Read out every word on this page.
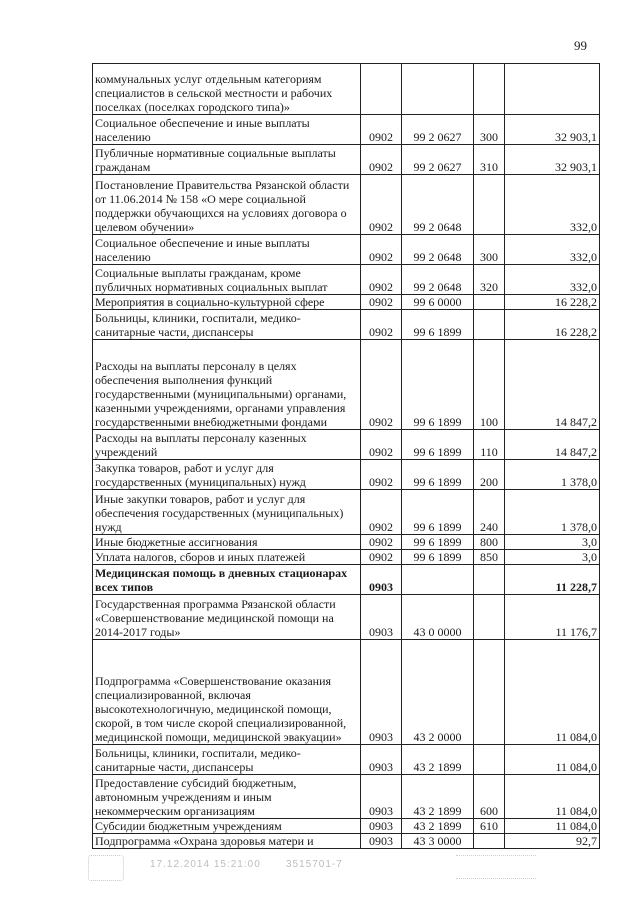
99
коммунальных услуг отдельным категориям специалистов в сельской местности и рабочих поселках (поселках городского типа)»				
Социальное обеспечение и иные выплаты населению	0902	99 2 0627	300	32 903,1
Публичные нормативные социальные выплаты гражданам	0902	99 2 0627	310	32 903,1
Постановление Правительства Рязанской области от 11.06.2014 № 158 «О мере социальной поддержки обучающихся на условиях договора о целевом обучении»	0902	99 2 0648		332,0
Социальное обеспечение и иные выплаты населению	0902	99 2 0648	300	332,0
Социальные выплаты гражданам, кроме публичных нормативных социальных выплат	0902	99 2 0648	320	332,0
Мероприятия в социально-культурной сфере	0902	99 6 0000		16 228,2
Больницы, клиники, госпитали, медико-санитарные части, диспансеры	0902	99 6 1899		16 228,2
Расходы на выплаты персоналу в целях обеспечения выполнения функций государственными (муниципальными) органами, казенными учреждениями, органами управления государственными внебюджетными фондами	0902	99 6 1899	100	14 847,2
Расходы на выплаты персоналу казенных учреждений	0902	99 6 1899	110	14 847,2
Закупка товаров, работ и услуг для государственных (муниципальных) нужд	0902	99 6 1899	200	1 378,0
Иные закупки товаров, работ и услуг для обеспечения государственных (муниципальных) нужд	0902	99 6 1899	240	1 378,0
Иные бюджетные ассигнования	0902	99 6 1899	800	3,0
Уплата налогов, сборов и иных платежей	0902	99 6 1899	850	3,0
Медицинская помощь в дневных стационарах всех типов	0903			11 228,7
Государственная программа Рязанской области «Совершенствование медицинской помощи на 2014-2017 годы»	0903	43 0 0000		11 176,7
Подпрограмма «Совершенствование оказания специализированной, включая высокотехнологичную, медицинской помощи, скорой, в том числе скорой специализированной, медицинской помощи, медицинской эвакуации»	0903	43 2 0000		11 084,0
Больницы, клиники, госпитали, медико-санитарные части, диспансеры	0903	43 2 1899		11 084,0
Предоставление субсидий бюджетным, автономным учреждениям и иным некоммерческим организациям	0903	43 2 1899	600	11 084,0
Субсидии бюджетным учреждениям	0903	43 2 1899	610	11 084,0
Подпрограмма «Охрана здоровья матери и	0903	43 3 0000		92,7
17.12.2014 15:21:00	3515701-7
